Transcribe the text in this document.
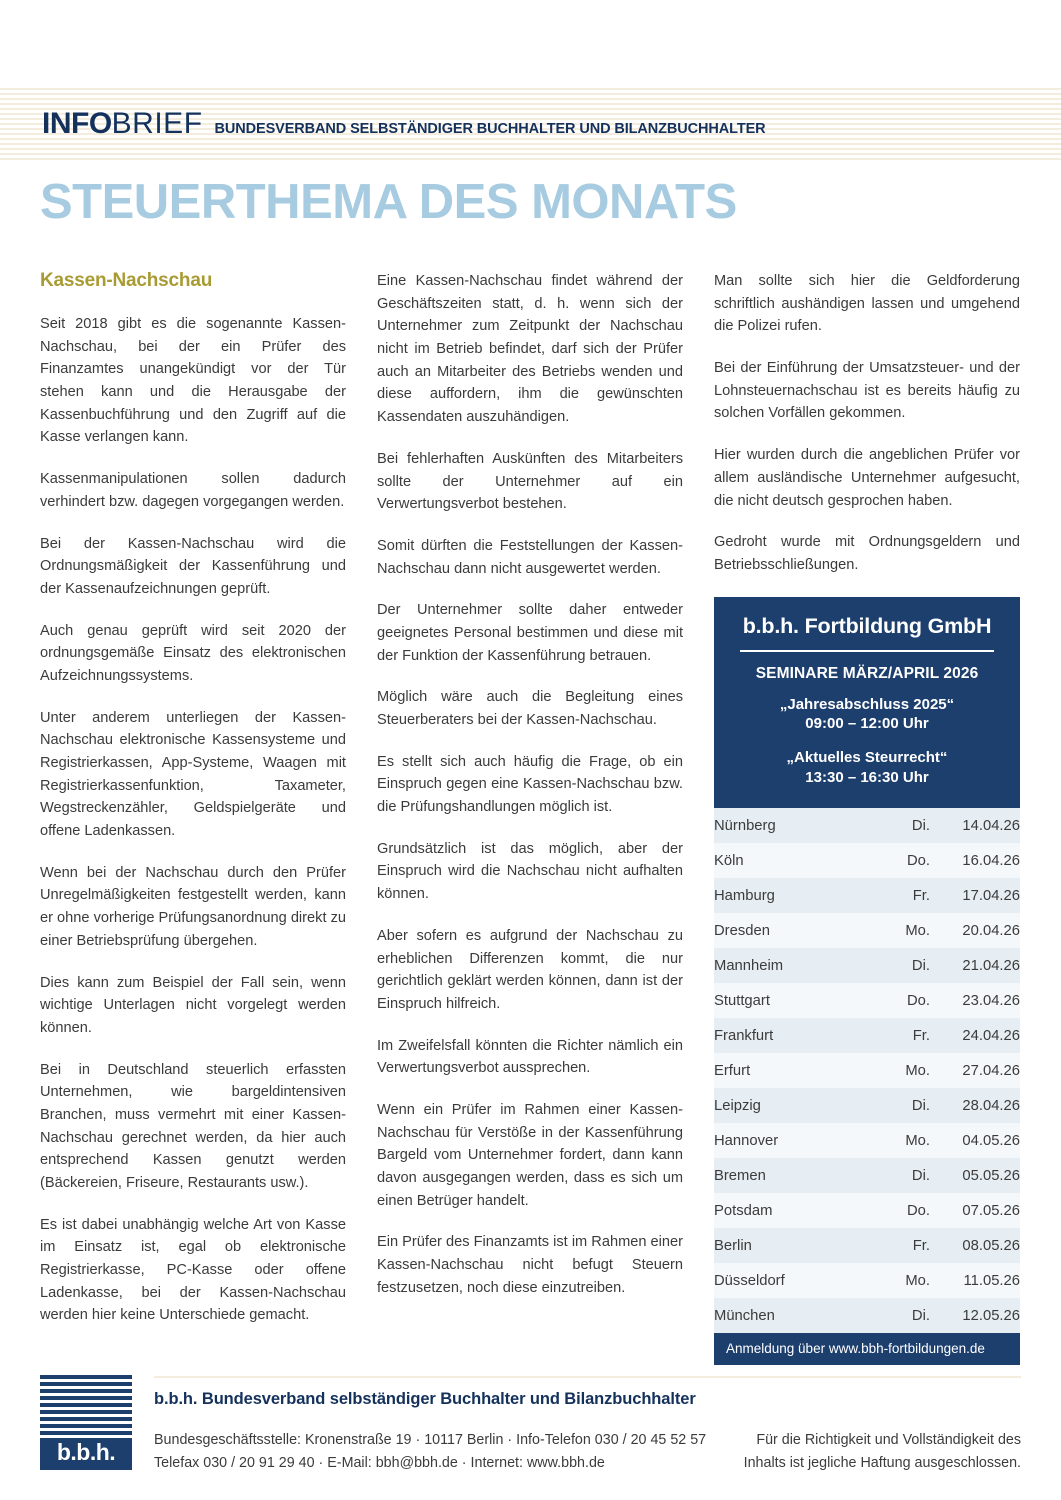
INFO BRIEF BUNDESVERBAND SELBSTÄNDIGER BUCHHALTER UND BILANZBUCHHALTER
STEUERTHEMA DES MONATS
Kassen-Nachschau

Seit 2018 gibt es die sogenannte Kassen-Nachschau, bei der ein Prüfer des Finanzamtes unangekündigt vor der Tür stehen kann und die Herausgabe der Kassenbuchführung und den Zugriff auf die Kasse verlangen kann.

Kassenmanipulationen sollen dadurch verhindert bzw. dagegen vorgegangen werden.

Bei der Kassen-Nachschau wird die Ordnungsmäßigkeit der Kassenführung und der Kassenaufzeichnungen geprüft.

Auch genau geprüft wird seit 2020 der ordnungsgemäße Einsatz des elektronischen Aufzeichnungssystems.

Unter anderem unterliegen der Kassen-Nachschau elektronische Kassensysteme und Registrierkassen, App-Systeme, Waagen mit Registrierkassenfunktion, Taxameter, Wegstreckenzähler, Geldspielgeräte und offene Ladenkassen.

Wenn bei der Nachschau durch den Prüfer Unregelmäßigkeiten festgestellt werden, kann er ohne vorherige Prüfungsanordnung direkt zu einer Betriebsprüfung übergehen.

Dies kann zum Beispiel der Fall sein, wenn wichtige Unterlagen nicht vorgelegt werden können.

Bei in Deutschland steuerlich erfassten Unternehmen, wie bargeldintensiven Branchen, muss vermehrt mit einer Kassen-Nachschau gerechnet werden, da hier auch entsprechend Kassen genutzt werden (Bäckereien, Friseure, Restaurants usw.).

Es ist dabei unabhängig welche Art von Kasse im Einsatz ist, egal ob elektronische Registrierkasse, PC-Kasse oder offene Ladenkasse, bei der Kassen-Nachschau werden hier keine Unterschiede gemacht.

Eine Kassen-Nachschau findet während der Geschäftszeiten statt, d. h. wenn sich der Unternehmer zum Zeitpunkt der Nachschau nicht im Betrieb befindet, darf sich der Prüfer auch an Mitarbeiter des Betriebs wenden und diese auffordern, ihm die gewünschten Kassendaten auszuhändigen.

Bei fehlerhaften Auskünften des Mitarbeiters sollte der Unternehmer auf ein Verwertungsverbot bestehen.

Somit dürften die Feststellungen der Kassen-Nachschau dann nicht ausgewertet werden.

Der Unternehmer sollte daher entweder geeignetes Personal bestimmen und diese mit der Funktion der Kassenführung betrauen.

Möglich wäre auch die Begleitung eines Steuerberaters bei der Kassen-Nachschau.

Es stellt sich auch häufig die Frage, ob ein Einspruch gegen eine Kassen-Nachschau bzw. die Prüfungshandlungen möglich ist.

Grundsätzlich ist das möglich, aber der Einspruch wird die Nachschau nicht aufhalten können.

Aber sofern es aufgrund der Nachschau zu erheblichen Differenzen kommt, die nur gerichtlich geklärt werden können, dann ist der Einspruch hilfreich.

Im Zweifelsfall könnten die Richter nämlich ein Verwertungsverbot aussprechen.

Wenn ein Prüfer im Rahmen einer Kassen-Nachschau für Verstöße in der Kassenführung Bargeld vom Unternehmer fordert, dann kann davon ausgegangen werden, dass es sich um einen Betrüger handelt.

Ein Prüfer des Finanzamts ist im Rahmen einer Kassen-Nachschau nicht befugt Steuern festzusetzen, noch diese einzutreiben.

Man sollte sich hier die Geldforderung schriftlich aushändigen lassen und umgehend die Polizei rufen.

Bei der Einführung der Umsatzsteuer- und der Lohnsteuernachschau ist es bereits häufig zu solchen Vorfällen gekommen.

Hier wurden durch die angeblichen Prüfer vor allem ausländische Unternehmer aufgesucht, die nicht deutsch gesprochen haben.

Gedroht wurde mit Ordnungsgeldern und Betriebsschließungen.

b.b.h. Fortbildung GmbH
SEMINARE MÄRZ/APRIL 2026
„Jahresabschluss 2025“
09:00 – 12:00 Uhr
„Aktuelles Steurrecht“
13:30 – 16:30 Uhr
Nürnberg	Di.	14.04.26
Köln	Do.	16.04.26
Hamburg	Fr.	17.04.26
Dresden	Mo.	20.04.26
Mannheim	Di.	21.04.26
Stuttgart	Do.	23.04.26
Frankfurt	Fr.	24.04.26
Erfurt	Mo.	27.04.26
Leipzig	Di.	28.04.26
Hannover	Mo.	04.05.26
Bremen	Di.	05.05.26
Potsdam	Do.	07.05.26
Berlin	Fr.	08.05.26
Düsseldorf	Mo.	11.05.26
München	Di.	12.05.26
Anmeldung über www.bbh-fortbildungen.de
b.b.h.
b.b.h. Bundesverband selbständiger Buchhalter und Bilanzbuchhalter
Bundesgeschäftsstelle: Kronenstraße 19 · 10117 Berlin · Info-Telefon 030 / 20 45 52 57
Telefax 030 / 20 91 29 40 · E-Mail: bbh@bbh.de · Internet: www.bbh.de
Für die Richtigkeit und Vollständigkeit des
Inhalts ist jegliche Haftung ausgeschlossen.
